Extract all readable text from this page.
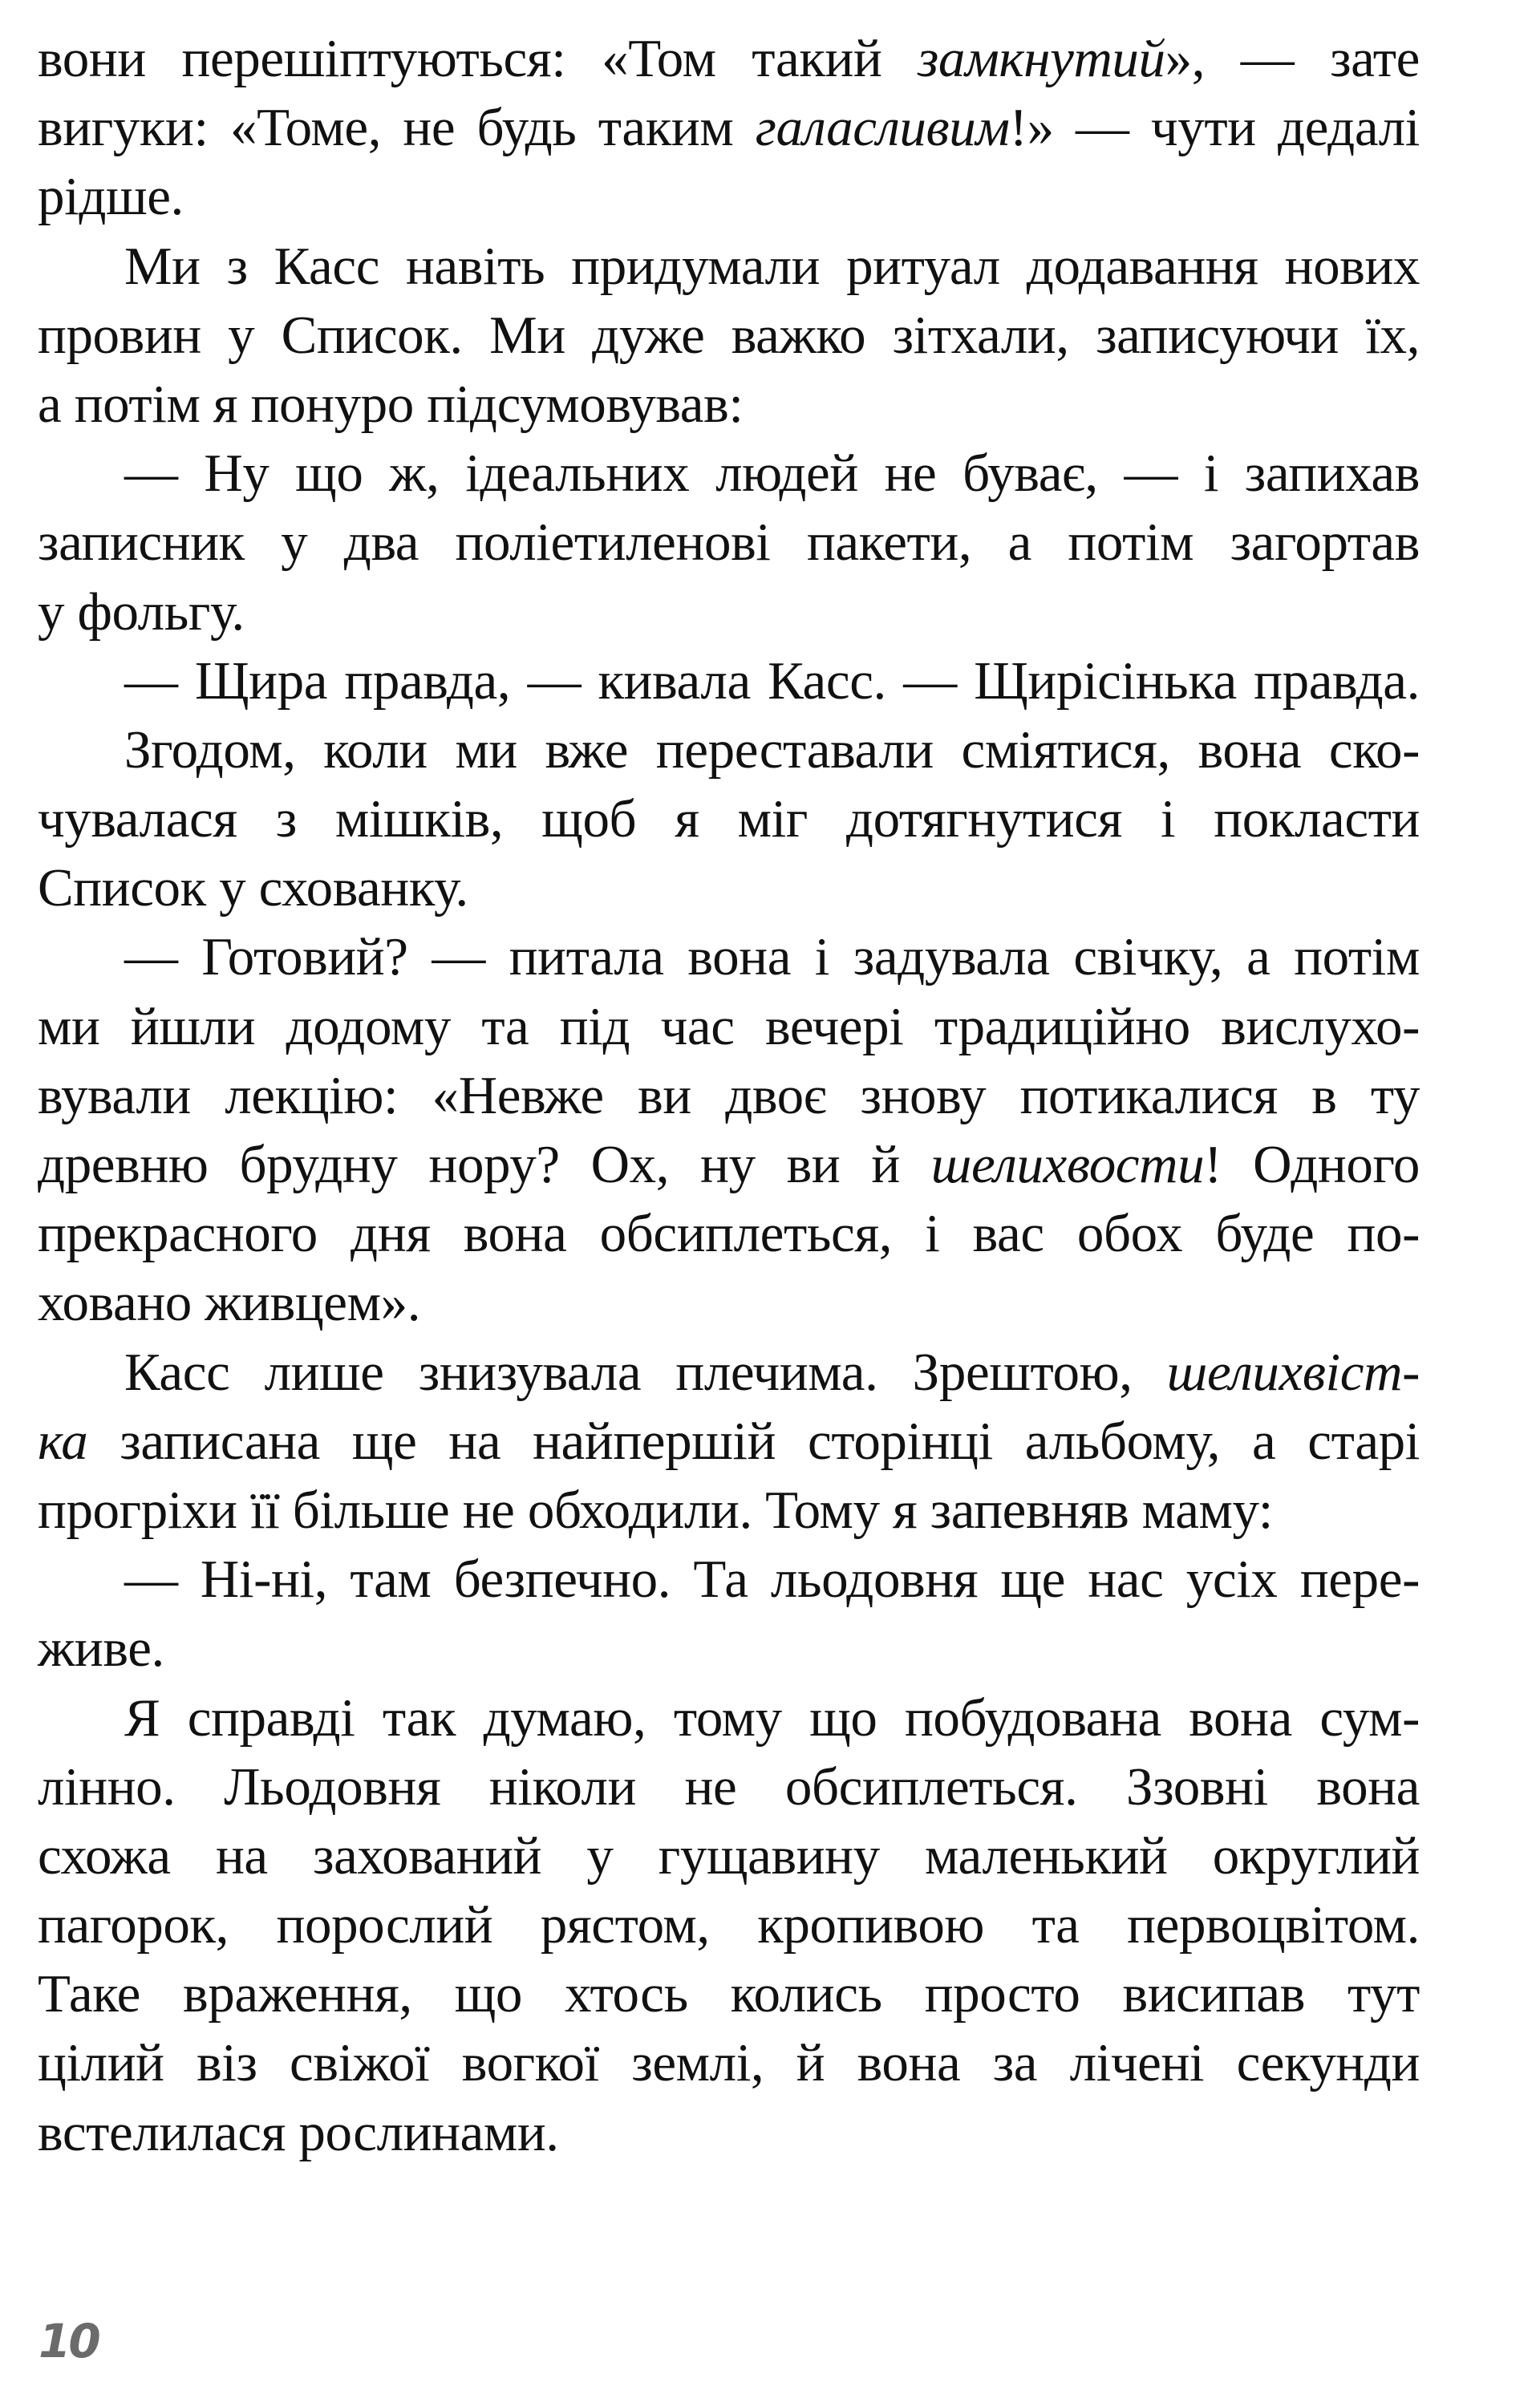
вони перешіптуються: «Том такий замкнутий», — зате
вигуки: «Томе, не будь таким галасливим!» — чути дедалі
рідше.
Ми з Касс навіть придумали ритуал додавання нових
провин у Список. Ми дуже важко зітхали, записуючи їх,
а потім я понуро підсумовував:
— Ну що ж, ідеальних людей не буває, — і запихав
записник у два поліетиленові пакети, а потім загортав
у фольгу.
— Щира правда, — кивала Касс. — Щирісінька правда.
Згодом, коли ми вже переставали сміятися, вона ско-
чувалася з мішків, щоб я міг дотягнутися і покласти
Список у схованку.
— Готовий? — питала вона і задувала свічку, а потім
ми йшли додому та під час вечері традиційно вислухо-
вували лекцію: «Невже ви двоє знову потикалися в ту
древню брудну нору? Ох, ну ви й шелихвости! Одного
прекрасного дня вона обсиплеться, і вас обох буде по-
ховано живцем».
Касс лише знизувала плечима. Зрештою, шелихвіст-
ка записана ще на найпершій сторінці альбому, а старі
прогріхи її більше не обходили. Тому я запевняв маму:
— Ні-ні, там безпечно. Та льодовня ще нас усіх пере-
живе.
Я справді так думаю, тому що побудована вона сум-
лінно. Льодовня ніколи не обсиплеться. Ззовні вона
схожа на захований у гущавину маленький округлий
пагорок, порослий рястом, кропивою та первоцвітом.
Таке враження, що хтось колись просто висипав тут
цілий віз свіжої вогкої землі, й вона за лічені секунди
встелилася рослинами.
10
